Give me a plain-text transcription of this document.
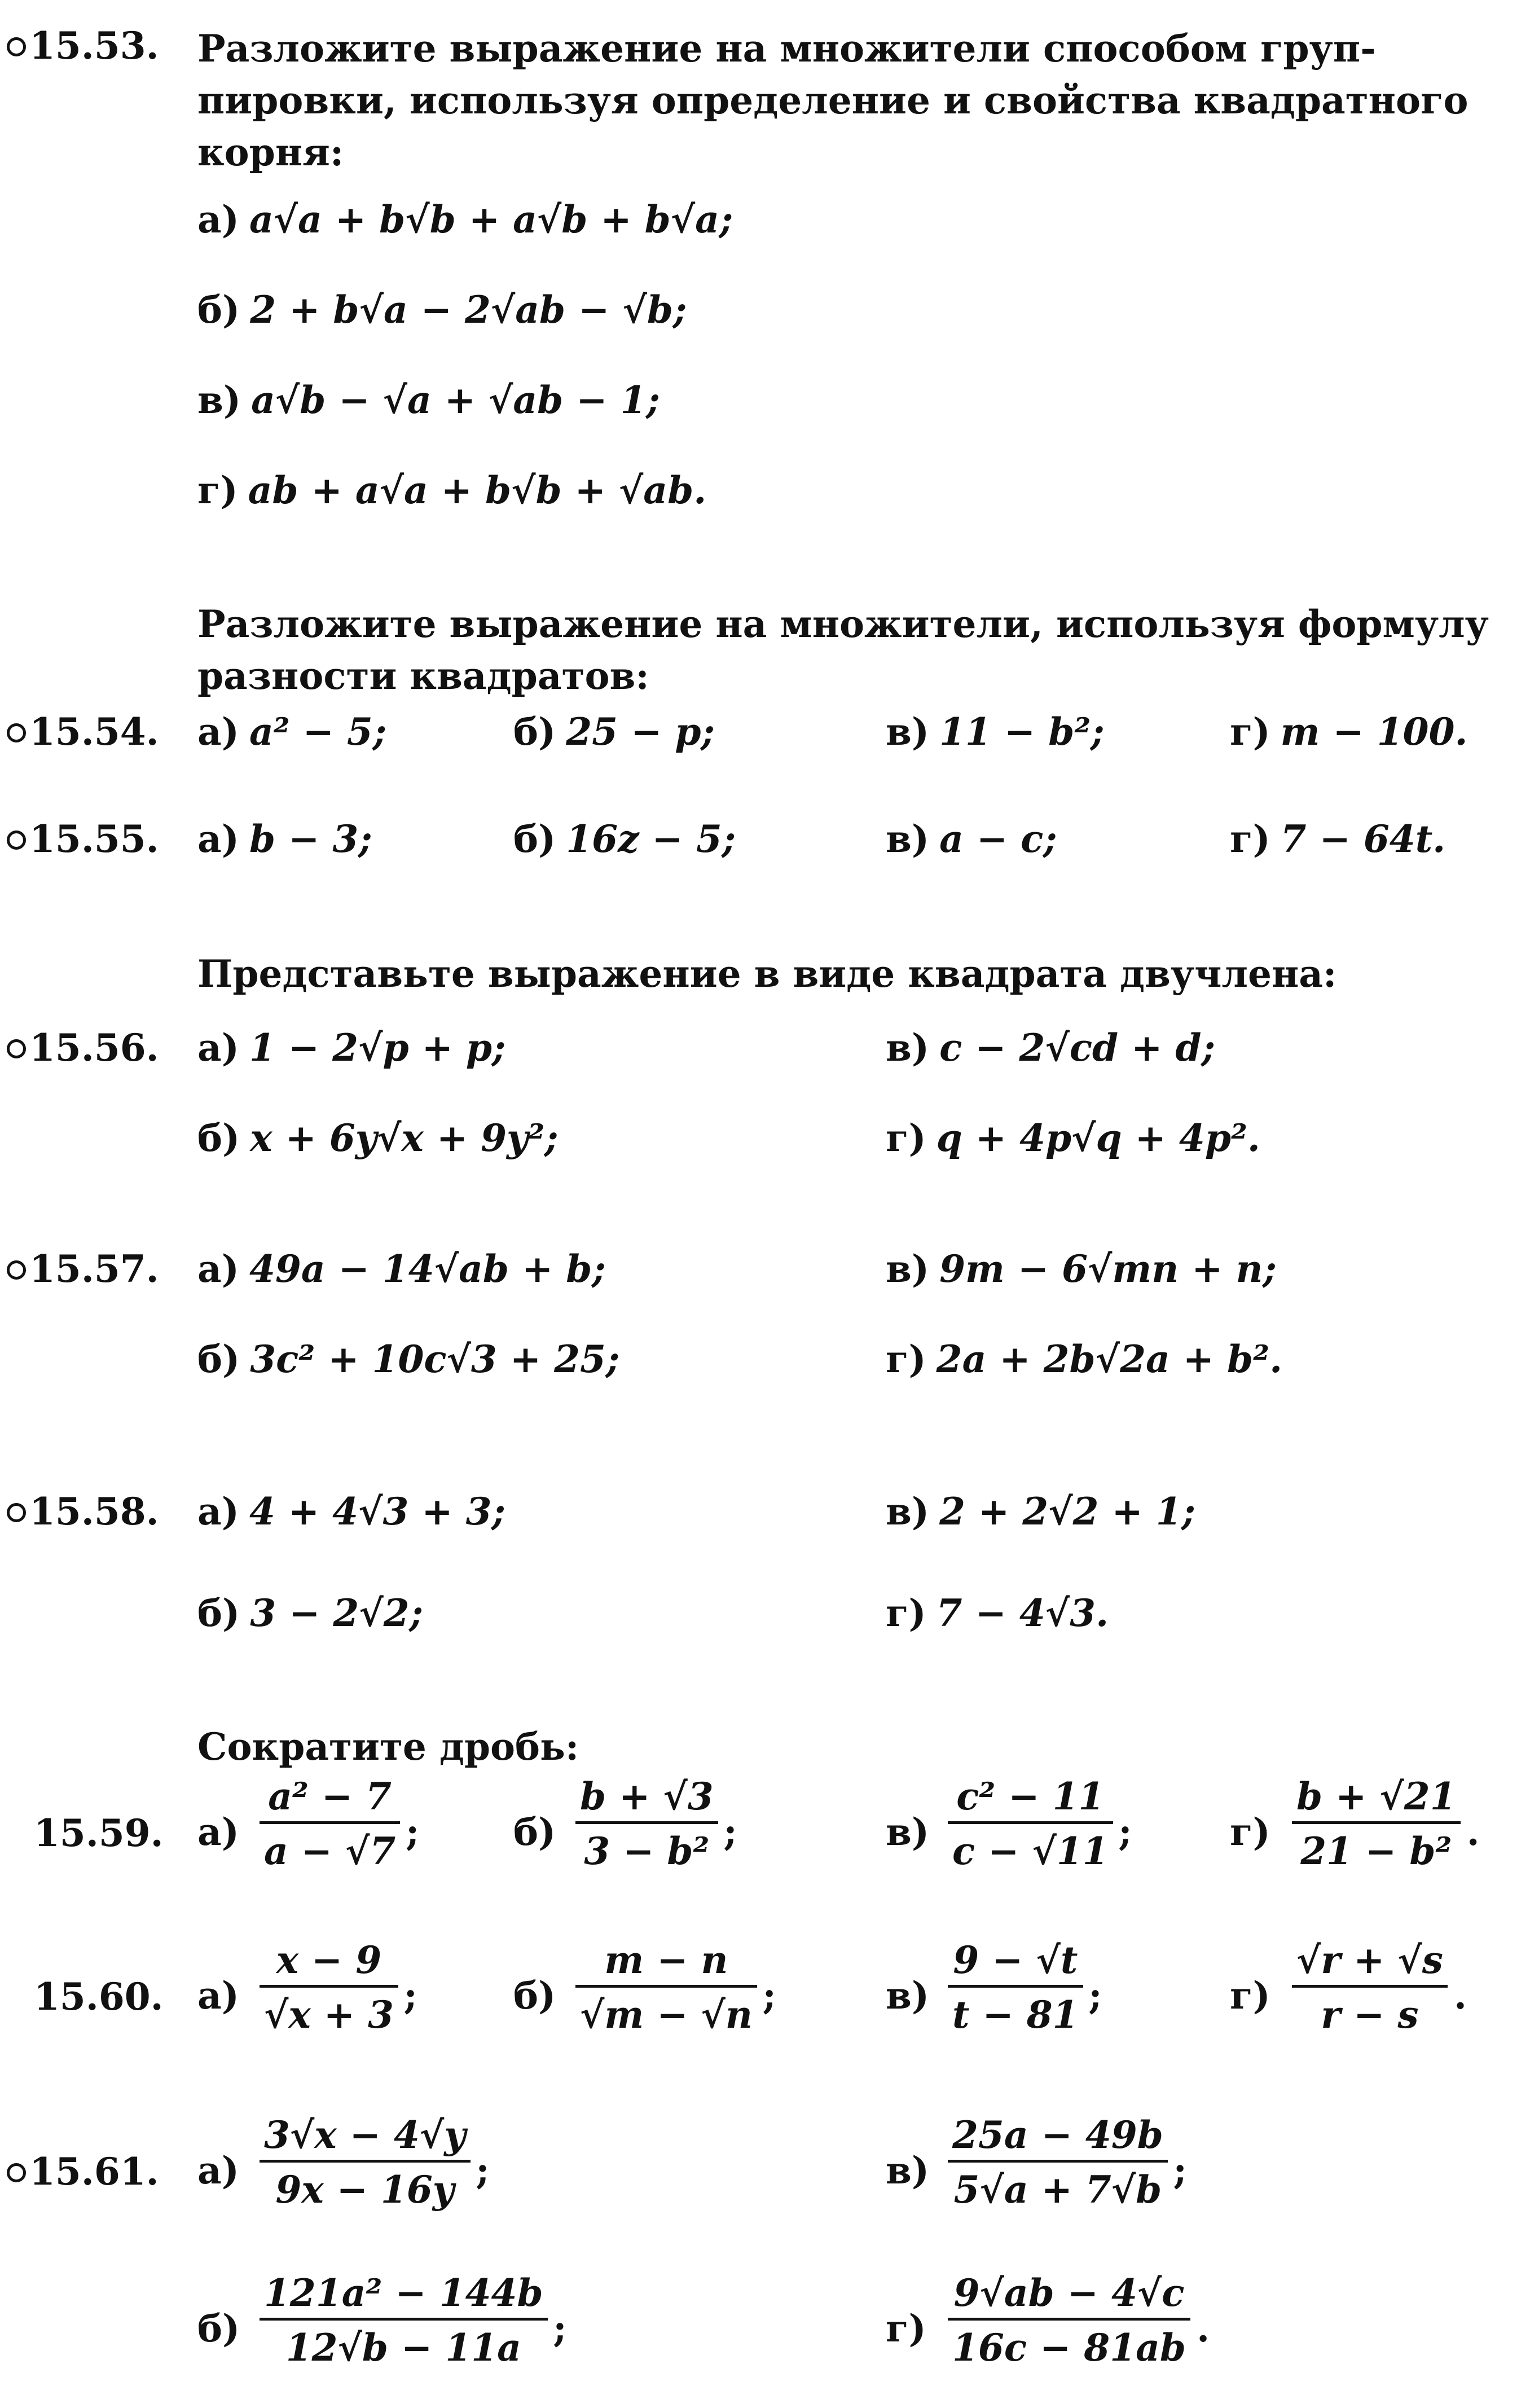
15.53. Разложите выражение на множители способом груп-
пировки, используя определение и свойства квадратного
корня:
а) a√a + b√b + a√b + b√a;
б) 2 + b√a − 2√ab − √b;
в) a√b − √a + √ab − 1;
г) ab + a√a + b√b + √ab.
Разложите выражение на множители, используя формулу
разности квадратов:
15.54. а) a² − 5;	б) 25 − p;	в) 11 − b²;	г) m − 100.
15.55. а) b − 3;	б) 16z − 5;	в) a − c;	г) 7 − 64t.
Представьте выражение в виде квадрата двучлена:
15.56. а) 1 − 2√p + p;	в) c − 2√cd + d;
б) x + 6y√x + 9y²;	г) q + 4p√q + 4p².
15.57. а) 49a − 14√ab + b;	в) 9m − 6√mn + n;
б) 3c² + 10c√3 + 25;	г) 2a + 2b√2a + b².
15.58. а) 4 + 4√3 + 3;	в) 2 + 2√2 + 1;
б) 3 − 2√2;	г) 7 − 4√3.
Сократите дробь:
15.59. а)
a² − 7
a − √7 ;	б)
b + √3
3 − b² ;	в)
c² − 11
c − √11 ;	г)
b + √21
21 − b² .
15.60. а)
x − 9
√x + 3 ;	б)
m − n
√m − √n ;	в)
9 − √t
t − 81 ;	г)
√r + √s
r − s .
15.61. а)
3√x − 4√y
9x − 16y ;	в)
25a − 49b
5√a + 7√b ;
б)
121a² − 144b
12√b − 11a ;	г)
9√ab − 4√c
16c − 81ab .
